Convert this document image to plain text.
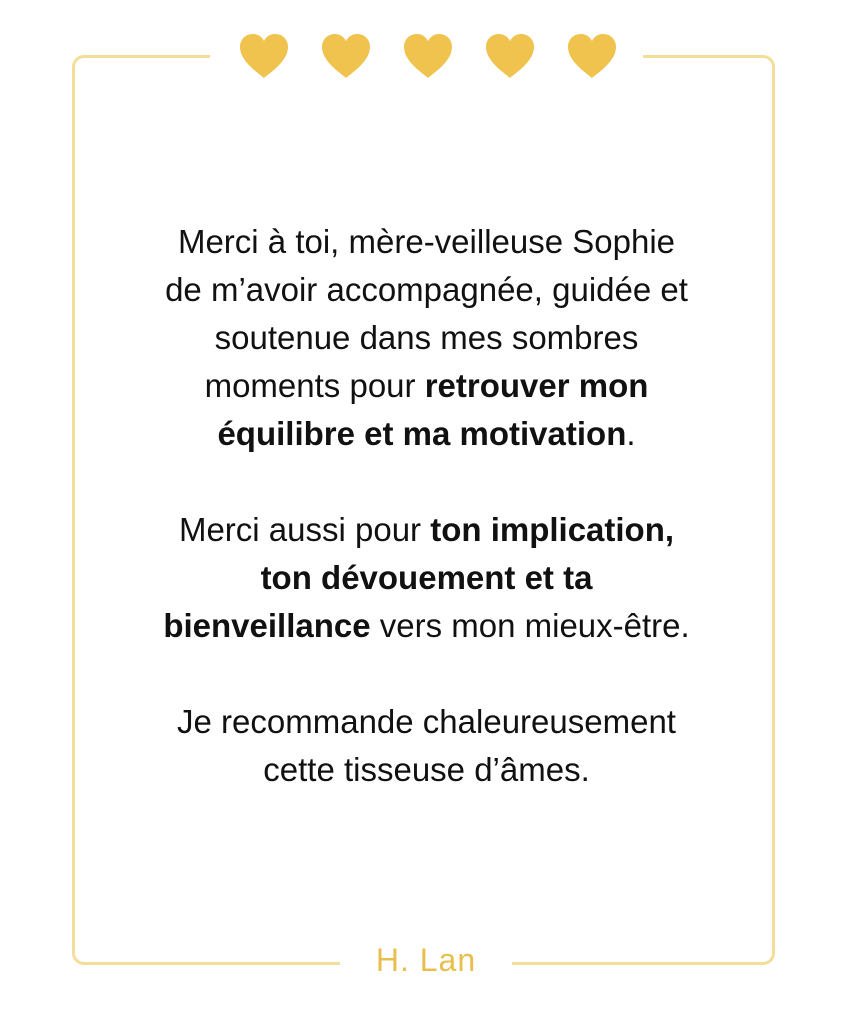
Merci à toi, mère-veilleuse Sophie
de m’avoir accompagnée, guidée et
soutenue dans mes sombres
moments pour retrouver mon
équilibre et ma motivation.

Merci aussi pour ton implication,
ton dévouement et ta
bienveillance vers mon mieux-être.

Je recommande chaleureusement
cette tisseuse d’âmes.

H. Lan
